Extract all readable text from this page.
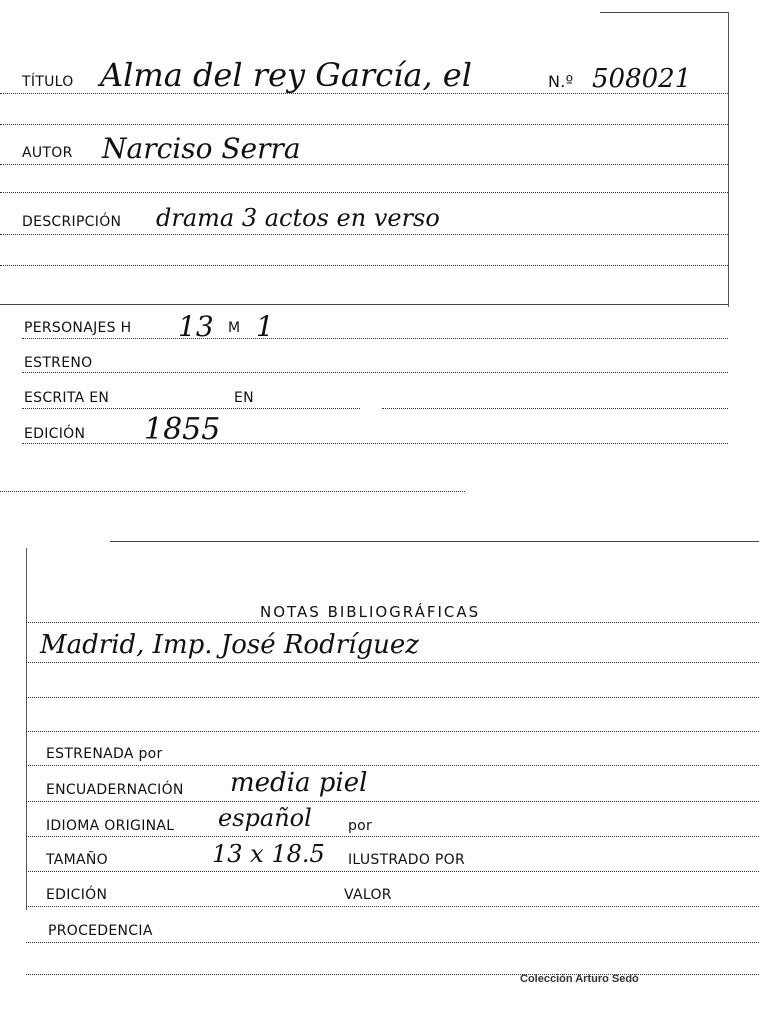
TÍTULO Alma del rey García, el	N.º 508021
AUTOR Narciso Serra
DESCRIPCIÓN drama 3 actos en verso
PERSONAJES H 13 M 1
ESTRENO
ESCRITA EN	EN
EDICIÓN 1855
NOTAS BIBLIOGRÁFICAS
Madrid, Imp. José Rodríguez
ESTRENADA por
ENCUADERNACIÓN media piel
IDIOMA ORIGINAL español	por
TAMAÑO	13 x 18.5 ILUSTRADO POR
EDICIÓN	VALOR
PROCEDENCIA
Colección Arturo Sedó
